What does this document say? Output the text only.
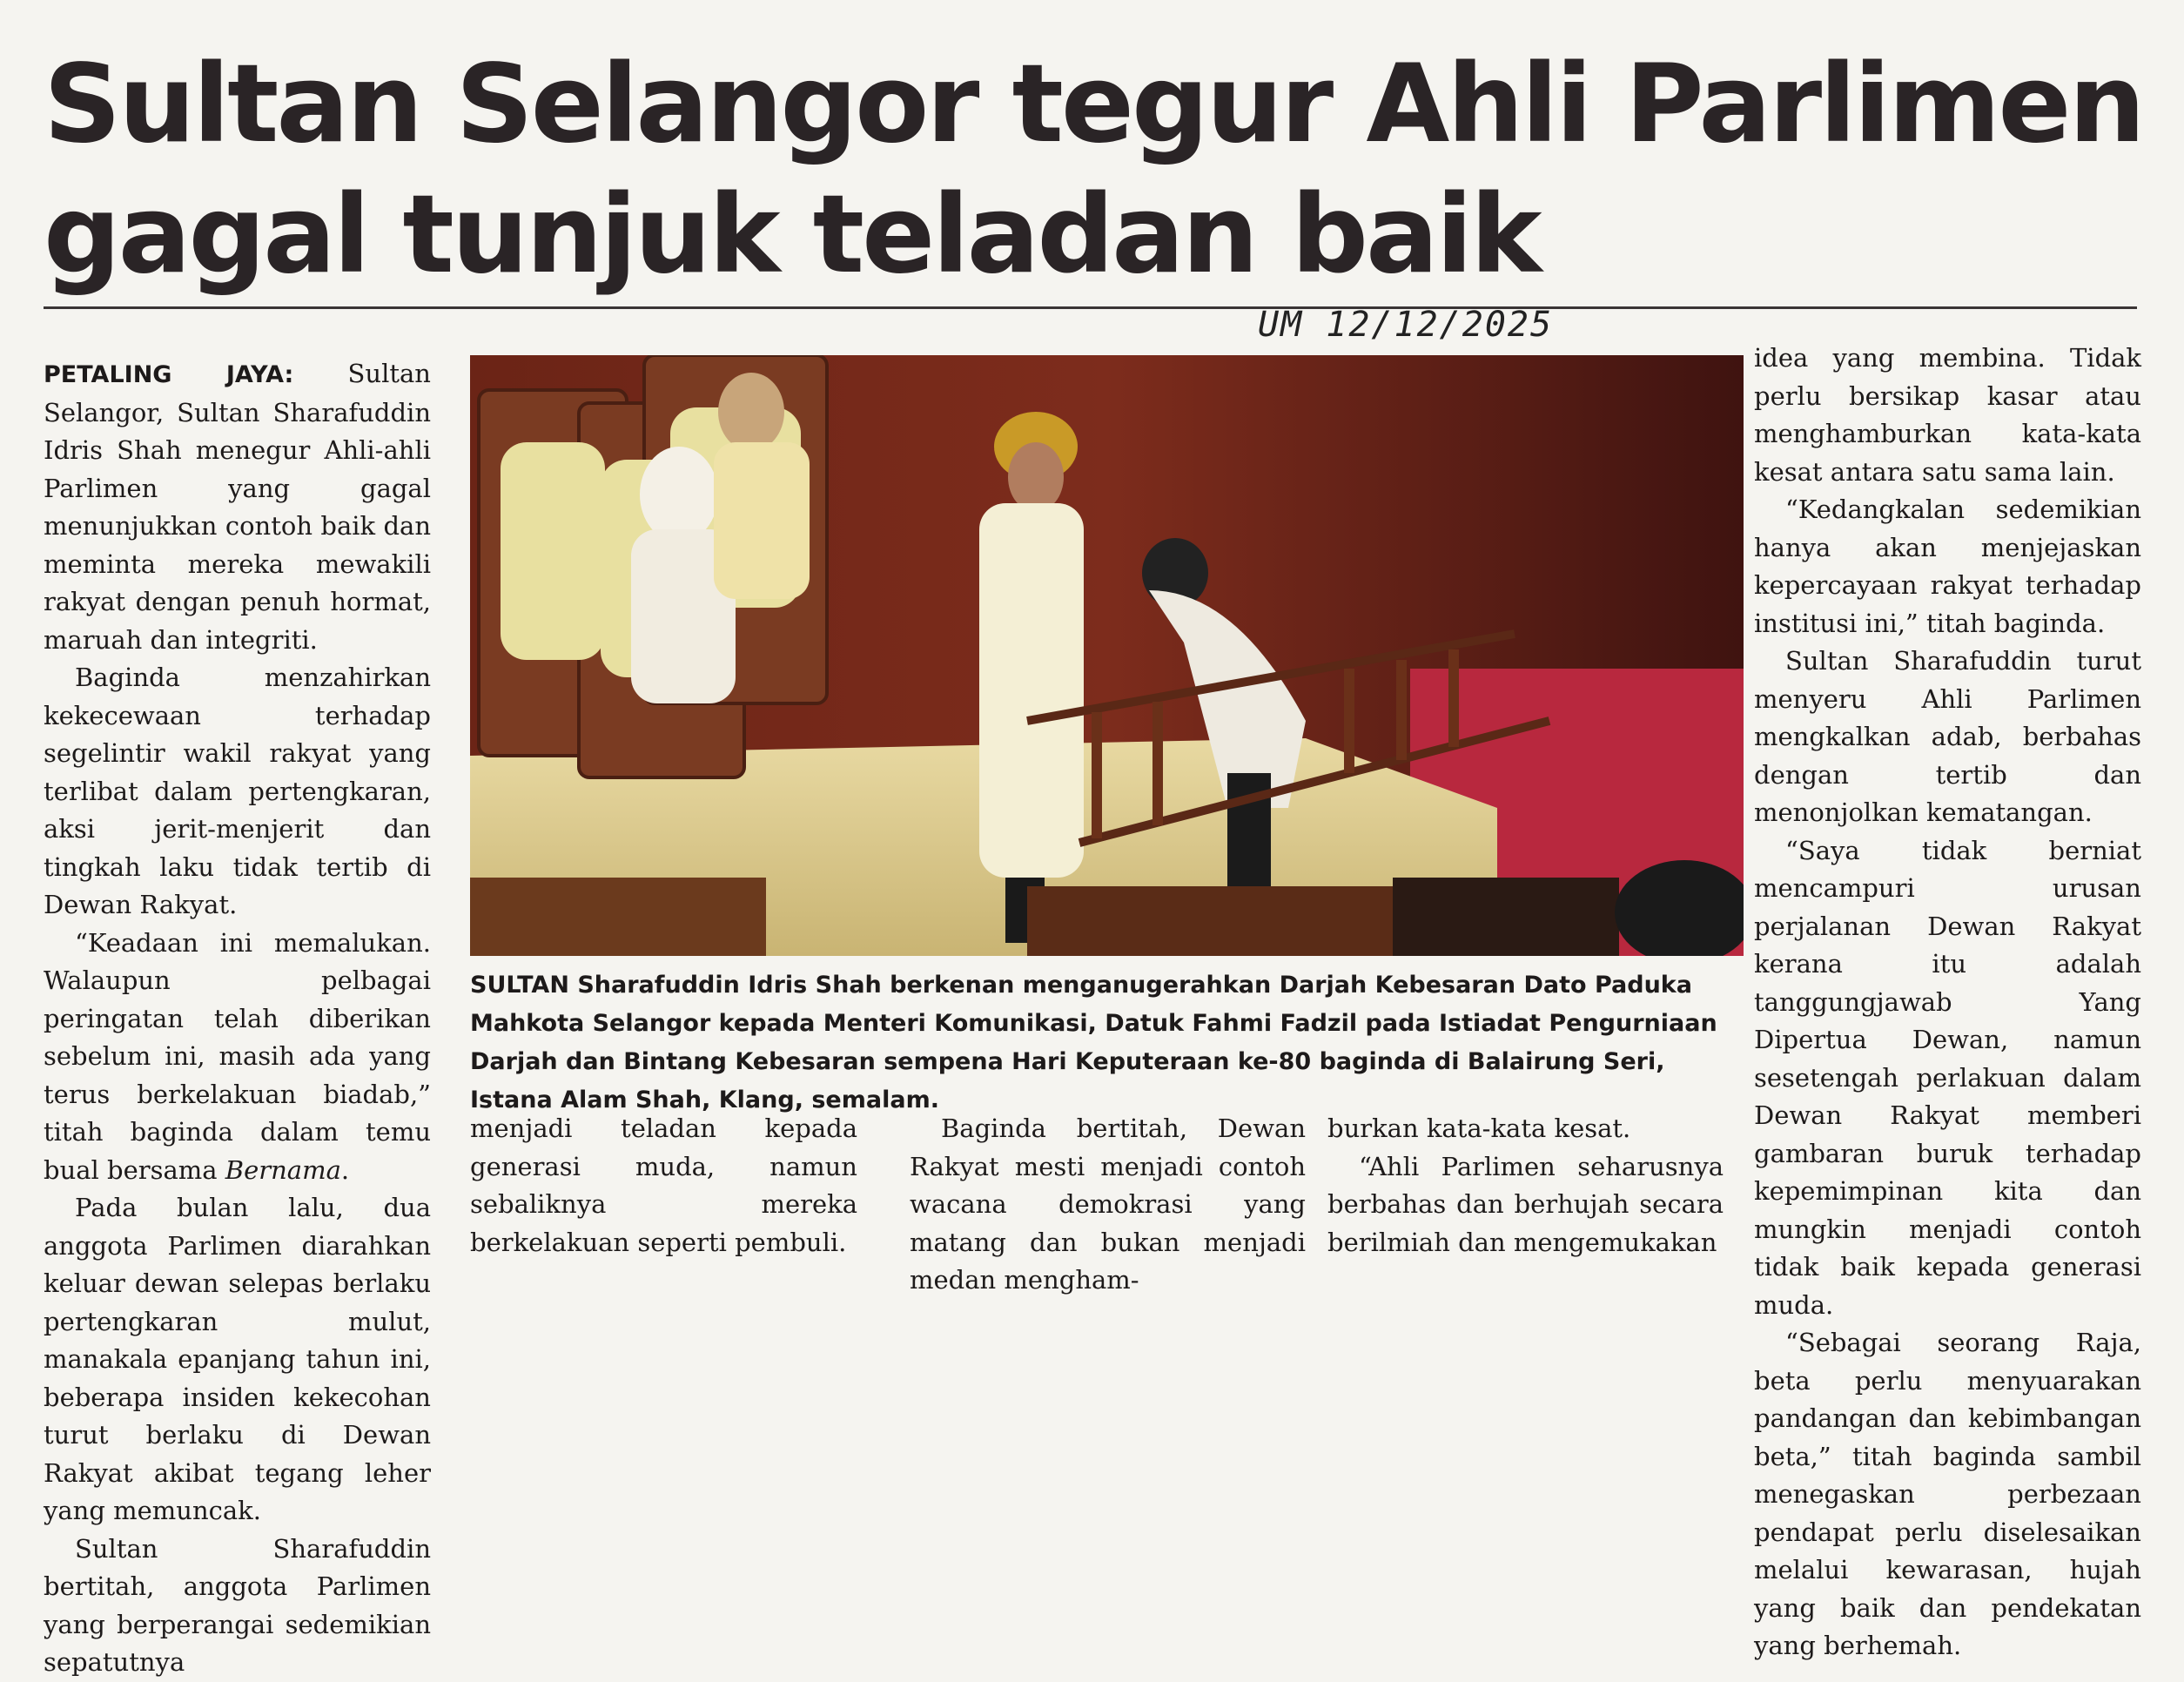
Sultan Selangor tegur Ahli Parlimen gagal tunjuk teladan baik
UM 12/12/2025

PETALING JAYA: Sultan Selangor, Sultan Sharafuddin Idris Shah menegur Ahli-ahli Parlimen yang gagal menunjukkan contoh baik dan meminta mereka mewakili rakyat dengan penuh hormat, maruah dan integriti.

Baginda menzahirkan kekecewaan terhadap segelintir wakil rakyat yang terlibat dalam pertengkaran, aksi jerit-menjerit dan tingkah laku tidak tertib di Dewan Rakyat.

“Keadaan ini memalukan. Walaupun pelbagai peringatan telah diberikan sebelum ini, masih ada yang terus berkelakuan biadab,” titah baginda dalam temu bual bersama Bernama.

Pada bulan lalu, dua anggota Parlimen diarahkan keluar dewan selepas berlaku pertengkaran mulut, manakala epanjang tahun ini, beberapa insiden kekecohan turut berlaku di Dewan Rakyat akibat tegang leher yang memuncak.

Sultan Sharafuddin bertitah, anggota Parlimen yang berperangai sedemikian sepatutnya

SULTAN Sharafuddin Idris Shah berkenan menganugerahkan Darjah Kebesaran Dato Paduka Mahkota Selangor kepada Menteri Komunikasi, Datuk Fahmi Fadzil pada Istiadat Pengurniaan Darjah dan Bintang Kebesaran sempena Hari Keputeraan ke-80 baginda di Balairung Seri, Istana Alam Shah, Klang, semalam.

menjadi teladan kepada generasi muda, namun sebaliknya mereka berkelakuan seperti pembuli.

Baginda bertitah, Dewan Rakyat mesti menjadi contoh wacana demokrasi yang matang dan bukan menjadi medan mengham-

burkan kata-kata kesat.

“Ahli Parlimen seharusnya berbahas dan berhujah secara berilmiah dan mengemukakan

idea yang membina. Tidak perlu bersikap kasar atau menghamburkan kata-kata kesat antara satu sama lain.

“Kedangkalan sedemikian hanya akan menjejaskan kepercayaan rakyat terhadap institusi ini,” titah baginda.

Sultan Sharafuddin turut menyeru Ahli Parlimen mengkalkan adab, berbahas dengan tertib dan menonjolkan kematangan.

“Saya tidak berniat mencampuri urusan perjalanan Dewan Rakyat kerana itu adalah tanggungjawab Yang Dipertua Dewan, namun sesetengah perlakuan dalam Dewan Rakyat memberi gambaran buruk terhadap kepemimpinan kita dan mungkin menjadi contoh tidak baik kepada generasi muda.

“Sebagai seorang Raja, beta perlu menyuarakan pandangan dan kebimbangan beta,” titah baginda sambil menegaskan perbezaan pendapat perlu diselesaikan melalui kewarasan, hujah yang baik dan pendekatan yang berhemah.
